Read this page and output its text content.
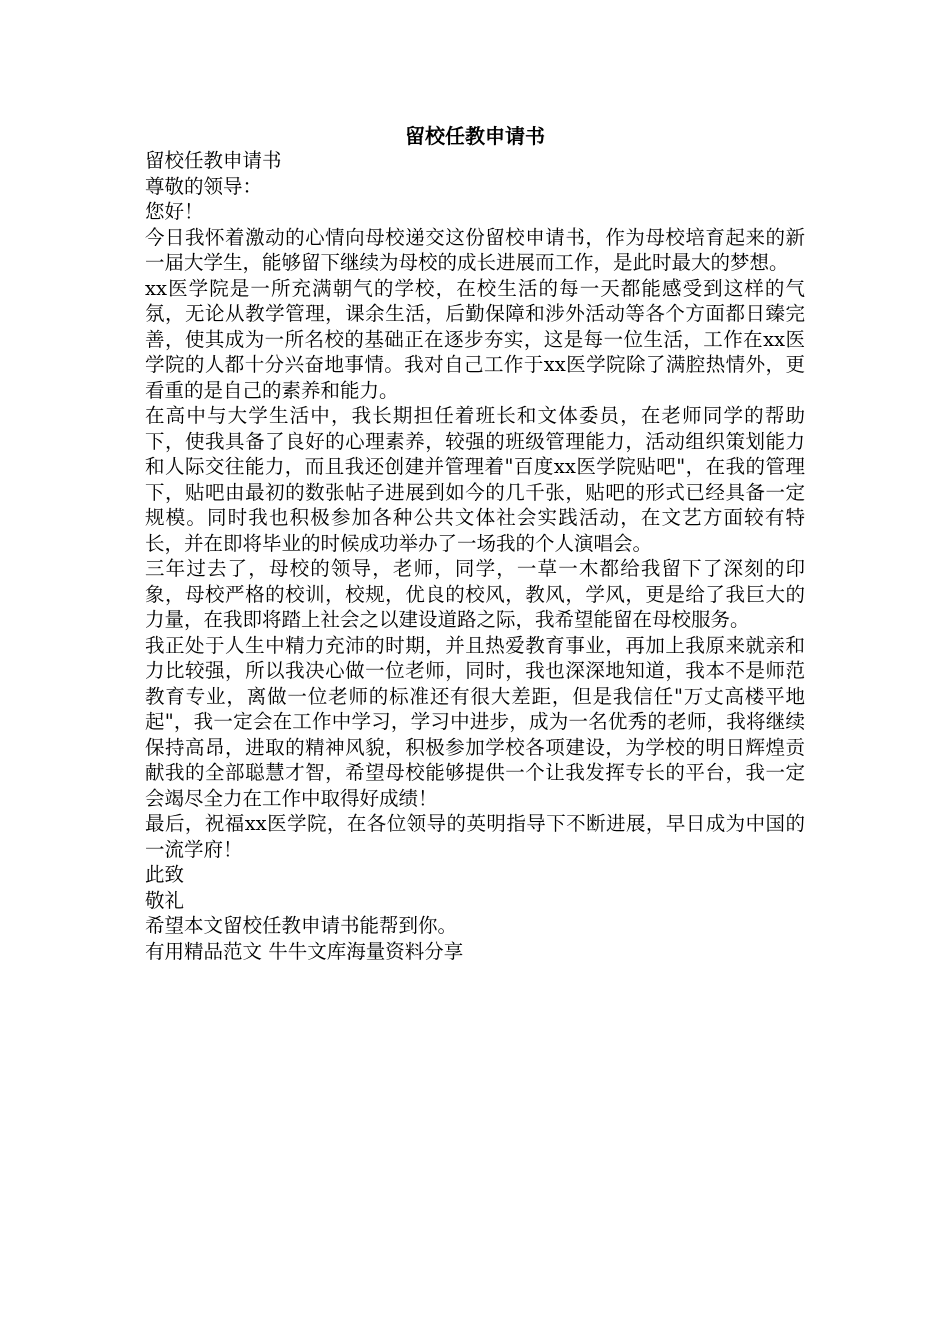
留校任教申请书

留校任教申请书

尊敬的领导：

您好！

今日我怀着激动的心情向母校递交这份留校申请书，作为母校培育起来的新一届大学生，能够留下继续为母校的成长进展而工作，是此时最大的梦想。

xx医学院是一所充满朝气的学校，在校生活的每一天都能感受到这样的气氛，无论从教学管理，课余生活，后勤保障和涉外活动等各个方面都日臻完善，使其成为一所名校的基础正在逐步夯实，这是每一位生活，工作在xx医学院的人都十分兴奋地事情。我对自己工作于xx医学院除了满腔热情外，更看重的是自己的素养和能力。

在高中与大学生活中，我长期担任着班长和文体委员，在老师同学的帮助下，使我具备了良好的心理素养，较强的班级管理能力，活动组织策划能力和人际交往能力，而且我还创建并管理着"百度xx医学院贴吧"，在我的管理下，贴吧由最初的数张帖子进展到如今的几千张，贴吧的形式已经具备一定规模。同时我也积极参加各种公共文体社会实践活动，在文艺方面较有特长，并在即将毕业的时候成功举办了一场我的个人演唱会。

三年过去了，母校的领导，老师，同学，一草一木都给我留下了深刻的印象，母校严格的校训，校规，优良的校风，教风，学风，更是给了我巨大的力量，在我即将踏上社会之以建设道路之际，我希望能留在母校服务。

我正处于人生中精力充沛的时期，并且热爱教育事业，再加上我原来就亲和力比较强，所以我决心做一位老师，同时，我也深深地知道，我本不是师范教育专业，离做一位老师的标准还有很大差距，但是我信任"万丈高楼平地起"，我一定会在工作中学习，学习中进步，成为一名优秀的老师，我将继续保持高昂，进取的精神风貌，积极参加学校各项建设，为学校的明日辉煌贡献我的全部聪慧才智，希望母校能够提供一个让我发挥专长的平台，我一定会竭尽全力在工作中取得好成绩！

最后，祝福xx医学院，在各位领导的英明指导下不断进展，早日成为中国的一流学府！

此致

敬礼

希望本文留校任教申请书能帮到你。

有用精品范文 牛牛文库海量资料分享
